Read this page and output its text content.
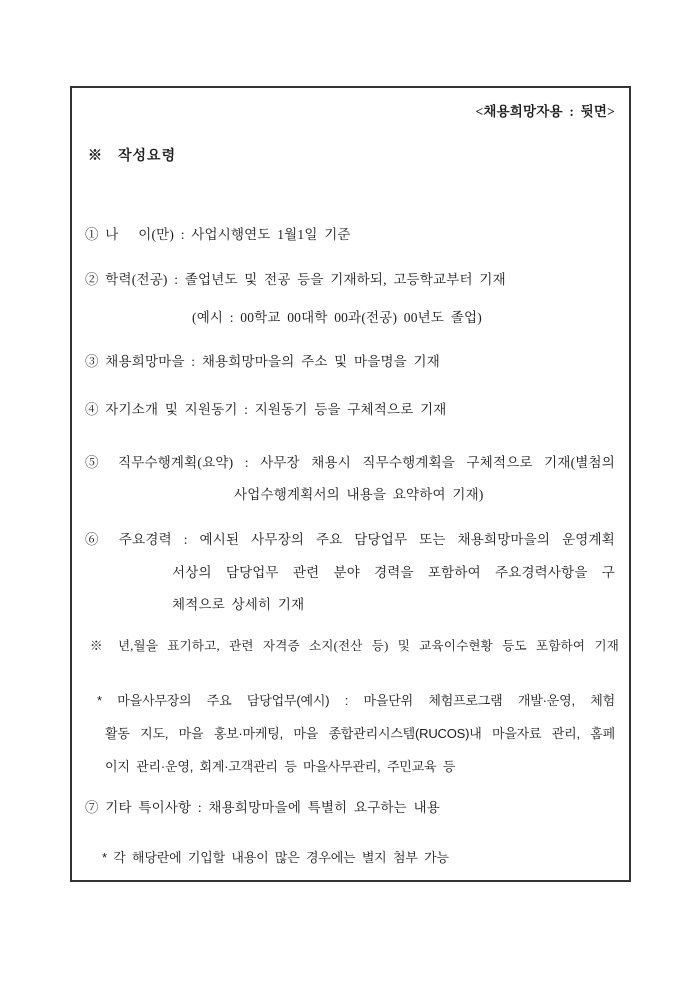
<채용희망자용 : 뒷면>
※  작성요령
① 나   이(만) : 사업시행연도 1월1일 기준
② 학력(전공) : 졸업년도 및 전공 등을 기재하되, 고등학교부터 기재
(예시 : 00학교 00대학 00과(전공) 00년도 졸업)
③ 채용희망마을 : 채용희망마을의 주소 및 마을명을 기재
④ 자기소개 및 지원동기 : 지원동기 등을 구체적으로 기재
⑤ 직무수행계획(요약) : 사무장 채용시 직무수행계획을 구체적으로 기재(별첨의
사업수행계획서의 내용을 요약하여 기재)
⑥ 주요경력 : 예시된 사무장의 주요 담당업무 또는 채용희망마을의 운영계획
서상의 담당업무 관련 분야 경력을 포함하여 주요경력사항을 구
체적으로 상세히 기재
※ 년,월을 표기하고, 관련 자격증 소지(전산 등) 및 교육이수현황 등도 포함하여 기재
* 마을사무장의 주요 담당업무(예시) : 마을단위 체험프로그램 개발·운영, 체험
활동 지도, 마을 홍보·마케팅, 마을 종합관리시스템(RUCOS)내 마을자료 관리, 홈페
이지 관리·운영, 회계·고객관리 등 마을사무관리, 주민교육 등
⑦ 기타 특이사항 : 채용희망마을에 특별히 요구하는 내용
* 각 해당란에 기입할 내용이 많은 경우에는 별지 첨부 가능
